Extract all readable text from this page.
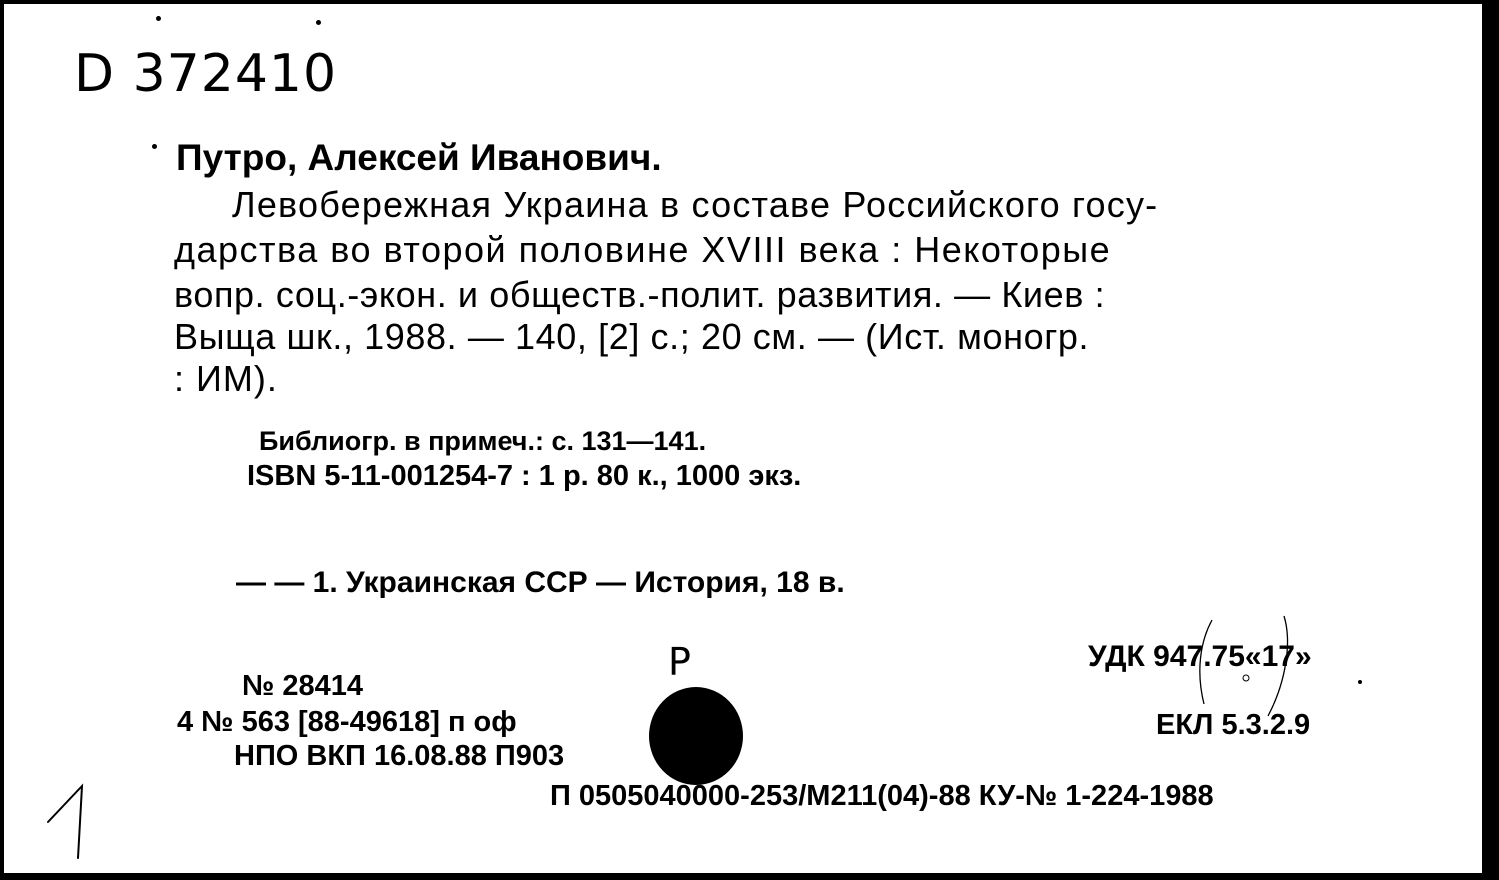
D 372410
Путро, Алексей Иванович.
Левобережная Украина в составе Российского госу-
дарства во второй половине XVIII века : Некоторые
вопр. соц.-экон. и обществ.-полит. развития. — Киев :
Выща шк., 1988. — 140, [2] с.; 20 см. — (Ист. моногр.
: ИМ).
Библиогр. в примеч.: с. 131—141.
ISBN 5-11-001254-7 : 1 р. 80 к., 1000 экз.
— — 1. Украинская ССР — История, 18 в.
Р	УДК 947.75«17»
№ 28414
4 № 563 [88-49618] п оф
НПО ВКП 16.08.88 П903
ЕКЛ 5.3.2.9
П 0505040000-253/М211(04)-88 КУ-№ 1-224-1988
